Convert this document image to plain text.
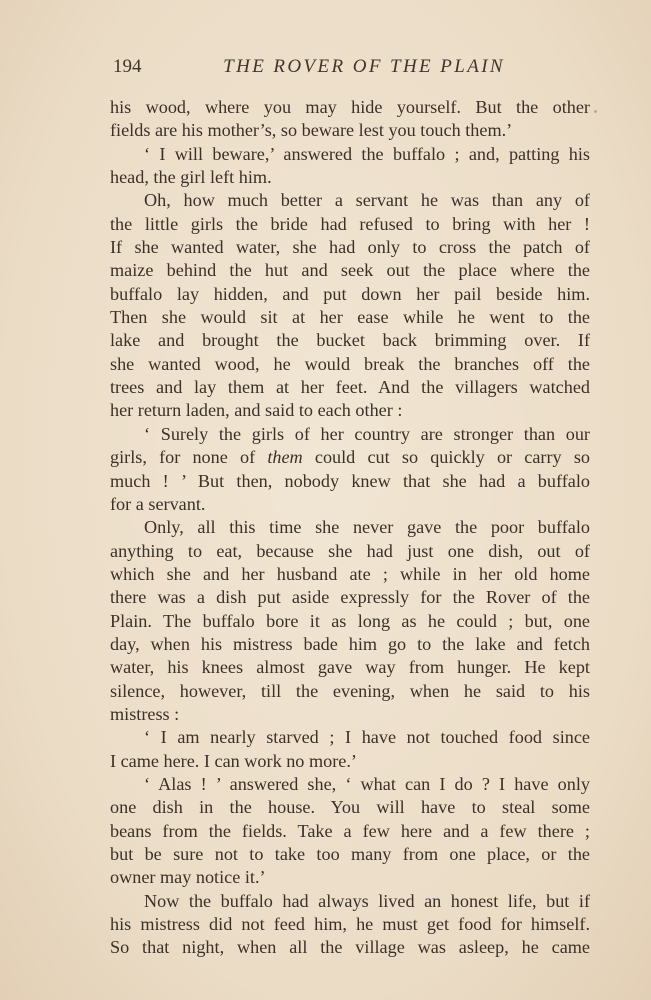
194	THE ROVER OF THE PLAIN
his wood, where you may hide yourself. But the other
fields are his mother’s, so beware lest you touch them.’
‘ I will beware,’ answered the buffalo ; and, patting his
head, the girl left him.
Oh, how much better a servant he was than any of
the little girls the bride had refused to bring with her !
If she wanted water, she had only to cross the patch of
maize behind the hut and seek out the place where the
buffalo lay hidden, and put down her pail beside him.
Then she would sit at her ease while he went to the
lake and brought the bucket back brimming over. If
she wanted wood, he would break the branches off the
trees and lay them at her feet. And the villagers watched
her return laden, and said to each other :
‘ Surely the girls of her country are stronger than our
girls, for none of them could cut so quickly or carry so
much ! ’ But then, nobody knew that she had a buffalo
for a servant.
Only, all this time she never gave the poor buffalo
anything to eat, because she had just one dish, out of
which she and her husband ate ; while in her old home
there was a dish put aside expressly for the Rover of the
Plain. The buffalo bore it as long as he could ; but, one
day, when his mistress bade him go to the lake and fetch
water, his knees almost gave way from hunger. He kept
silence, however, till the evening, when he said to his
mistress :
‘ I am nearly starved ; I have not touched food since
I came here. I can work no more.’
‘ Alas ! ’ answered she, ‘ what can I do ? I have only
one dish in the house. You will have to steal some
beans from the fields. Take a few here and a few there ;
but be sure not to take too many from one place, or the
owner may notice it.’
Now the buffalo had always lived an honest life, but if
his mistress did not feed him, he must get food for himself.
So that night, when all the village was asleep, he came
